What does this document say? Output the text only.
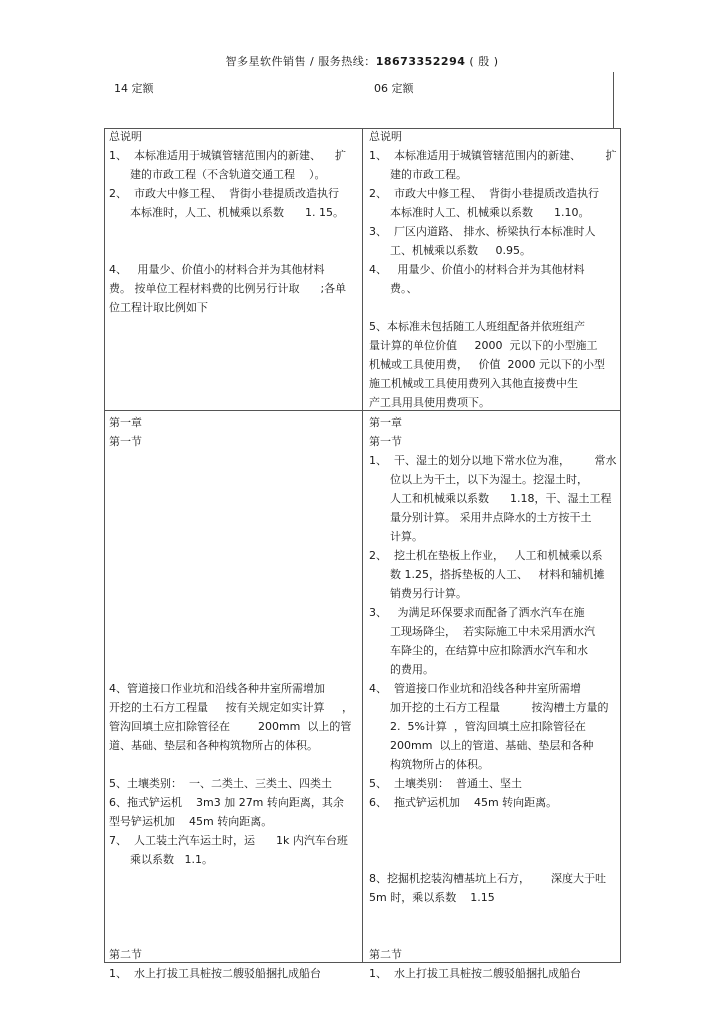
智多星软件销售 / 服务热线：18673352294 ( 殷 )
14 定额	06 定额
总说明
1、  本标准适用于城镇管辖范围内的新建、    扩
建的市政工程（不含轨道交通工程    ）。
2、  市政大中修工程、  背街小巷提质改造执行
本标准时，人工、机械乘以系数      1. 15。
4、   用量少、价值小的材料合并为其他材料
费。 按单位工程材料费的比例另行计取      ;各单
位工程计取比例如下
总说明
1、  本标准适用于城镇管辖范围内的新建、       扩
建的市政工程。
2、  市政大中修工程、  背街小巷提质改造执行
本标准时人工、机械乘以系数      1.10。
3、  厂区内道路、 排水、桥梁执行本标准时人
工、机械乘以系数     0.95。
4、   用量少、价值小的材料合并为其他材料
费。、
5、本标准未包括随工人班组配备并依班组产
量计算的单位价值     2000  元以下的小型施工
机械或工具使用费，   价值  2000 元以下的小型
施工机械或工具使用费列入其他直接费中生
产工具用具使用费项下。
第一章
第一节
4、管道接口作业坑和沿线各种井室所需增加
开挖的土石方工程量     按有关规定如实计算     ，
管沟回填土应扣除管径在        200mm  以上的管
道、基础、垫层和各种构筑物所占的体积。
5、土壤类别：  一、二类土、三类土、四类土
6、拖式铲运机    3m3 加 27m 转向距离，其余
型号铲运机加    45m 转向距离。
7、  人工装土汽车运土时，运      1k 内汽车台班
乘以系数   1.1。
第二节
1、  水上打拔工具桩按二艘驳船捆扎成船台
第一章
第一节
1、  干、湿土的划分以地下常水位为准，       常水
位以上为干土，以下为湿土。挖湿土时，
人工和机械乘以系数      1.18，干、湿土工程
量分别计算。 采用井点降水的土方按干土
计算。
2、  挖土机在垫板上作业，   人工和机械乘以系
数 1.25，搭拆垫板的人工、   材料和辅机摊
销费另行计算。
3、   为满足环保要求而配备了洒水汽车在施
工现场降尘，  若实际施工中未采用洒水汽
车降尘的，在结算中应扣除洒水汽车和水
的费用。
4、  管道接口作业坑和沿线各种井室所需增
加开挖的土石方工程量         按沟槽土方量的
2.  5%计算  ，管沟回填土应扣除管径在
200mm  以上的管道、基础、垫层和各种
构筑物所占的体积。
5、  土壤类别：  普通土、坚土
6、  拖式铲运机加    45m 转向距离。
8、挖掘机挖装沟槽基坑上石方，      深度大于吐
5m 时，乘以系数    1.15
第二节
1、  水上打拔工具桩按二艘驳船捆扎成船台
